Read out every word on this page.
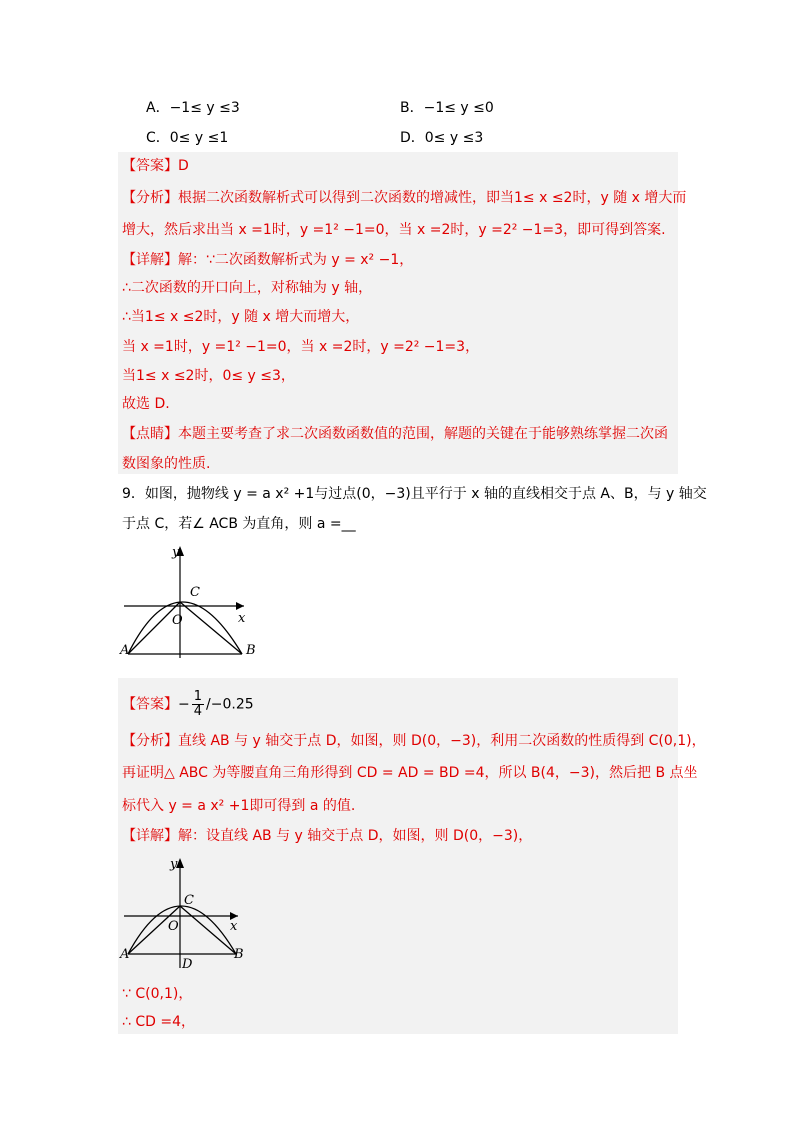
A．−1≤ y ≤3	B．−1≤ y ≤0
C．0≤ y ≤1	D．0≤ y ≤3
【答案】D
【分析】根据二次函数解析式可以得到二次函数的增减性，即当1≤ x ≤2时，y 随 x 增大而
增大，然后求出当 x =1时，y =1² −1=0，当 x =2时，y =2² −1=3，即可得到答案.
【详解】解：∵二次函数解析式为 y = x² −1，
∴二次函数的开口向上，对称轴为 y 轴，
∴当1≤ x ≤2时，y 随 x 增大而增大，
当 x =1时，y =1² −1=0，当 x =2时，y =2² −1=3，
当1≤ x ≤2时，0≤ y ≤3，
故选 D.
【点睛】本题主要考查了求二次函数函数值的范围，解题的关键在于能够熟练掌握二次函
数图象的性质.
9．如图，抛物线 y = a x² +1与过点(0，−3)且平行于 x 轴的直线相交于点 A、B，与 y 轴交
于点 C，若∠ ACB 为直角，则 a =__
y
x
C
O
A	B
【答案】− $\frac{1}{4} /-0.25$
【分析】直线 AB 与 y 轴交于点 D，如图，则 D(0，−3)，利用二次函数的性质得到 C(0,1)，
再证明△ ABC 为等腰直角三角形得到 CD = AD = BD =4，所以 B(4，−3)，然后把 B 点坐
标代入 y = a x² +1即可得到 a 的值.
【详解】解：设直线 AB 与 y 轴交于点 D，如图，则 D(0，−3)，
y
x
C
O
A	B
D
∵ C(0,1)，
∴ CD =4，
